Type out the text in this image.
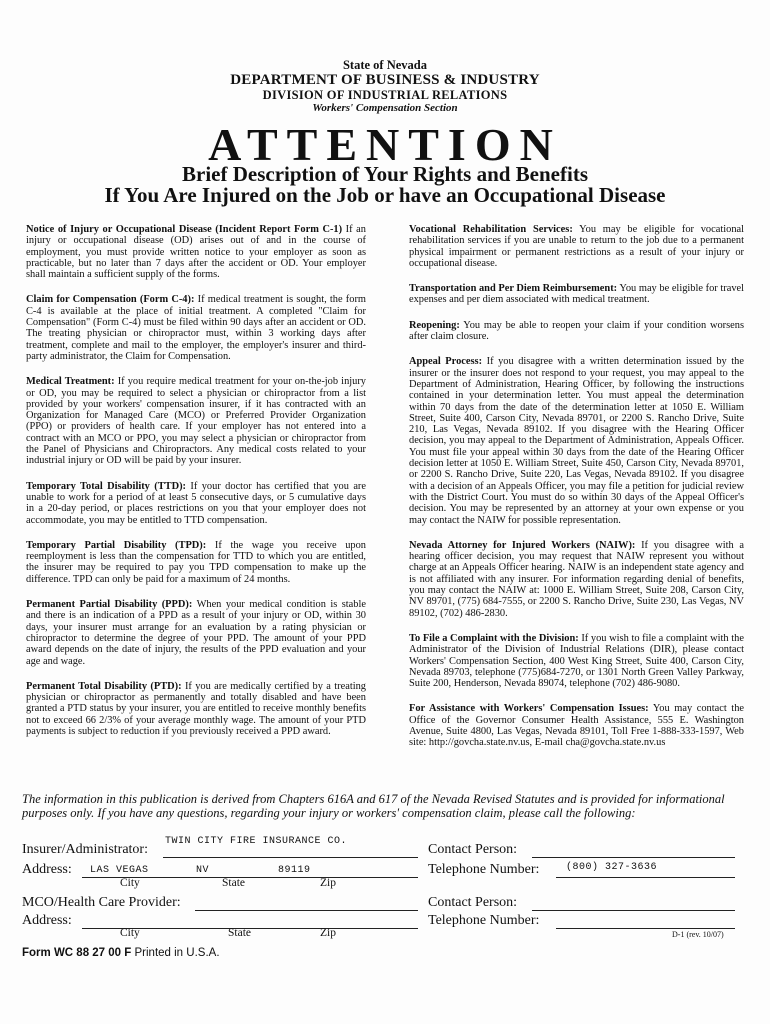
State of Nevada
DEPARTMENT OF BUSINESS & INDUSTRY
DIVISION OF INDUSTRIAL RELATIONS
Workers' Compensation Section
ATTENTION
Brief Description of Your Rights and Benefits
If You Are Injured on the Job or have an Occupational Disease
Notice of Injury or Occupational Disease (Incident Report Form C-1) If an injury or occupational disease (OD) arises out of and in the course of employment, you must provide written notice to your employer as soon as practicable, but no later than 7 days after the accident or OD. Your employer shall maintain a sufficient supply of the forms.
Claim for Compensation (Form C-4): If medical treatment is sought, the form C-4 is available at the place of initial treatment. A completed "Claim for Compensation" (Form C-4) must be filed within 90 days after an accident or OD. The treating physician or chiropractor must, within 3 working days after treatment, complete and mail to the employer, the employer's insurer and third-party administrator, the Claim for Compensation.
Medical Treatment: If you require medical treatment for your on-the-job injury or OD, you may be required to select a physician or chiropractor from a list provided by your workers' compensation insurer, if it has contracted with an Organization for Managed Care (MCO) or Preferred Provider Organization (PPO) or providers of health care. If your employer has not entered into a contract with an MCO or PPO, you may select a physician or chiropractor from the Panel of Physicians and Chiropractors. Any medical costs related to your industrial injury or OD will be paid by your insurer.
Temporary Total Disability (TTD): If your doctor has certified that you are unable to work for a period of at least 5 consecutive days, or 5 cumulative days in a 20-day period, or places restrictions on you that your employer does not accommodate, you may be entitled to TTD compensation.
Temporary Partial Disability (TPD): If the wage you receive upon reemployment is less than the compensation for TTD to which you are entitled, the insurer may be required to pay you TPD compensation to make up the difference. TPD can only be paid for a maximum of 24 months.
Permanent Partial Disability (PPD): When your medical condition is stable and there is an indication of a PPD as a result of your injury or OD, within 30 days, your insurer must arrange for an evaluation by a rating physician or chiropractor to determine the degree of your PPD. The amount of your PPD award depends on the date of injury, the results of the PPD evaluation and your age and wage.
Permanent Total Disability (PTD): If you are medically certified by a treating physician or chiropractor as permanently and totally disabled and have been granted a PTD status by your insurer, you are entitled to receive monthly benefits not to exceed 66 2/3% of your average monthly wage. The amount of your PTD payments is subject to reduction if you previously received a PPD award.
Vocational Rehabilitation Services: You may be eligible for vocational rehabilitation services if you are unable to return to the job due to a permanent physical impairment or permanent restrictions as a result of your injury or occupational disease.
Transportation and Per Diem Reimbursement: You may be eligible for travel expenses and per diem associated with medical treatment.
Reopening: You may be able to reopen your claim if your condition worsens after claim closure.
Appeal Process: If you disagree with a written determination issued by the insurer or the insurer does not respond to your request, you may appeal to the Department of Administration, Hearing Officer, by following the instructions contained in your determination letter. You must appeal the determination within 70 days from the date of the determination letter at 1050 E. William Street, Suite 400, Carson City, Nevada 89701, or 2200 S. Rancho Drive, Suite 210, Las Vegas, Nevada 89102. If you disagree with the Hearing Officer decision, you may appeal to the Department of Administration, Appeals Officer. You must file your appeal within 30 days from the date of the Hearing Officer decision letter at 1050 E. William Street, Suite 450, Carson City, Nevada 89701, or 2200 S. Rancho Drive, Suite 220, Las Vegas, Nevada 89102. If you disagree with a decision of an Appeals Officer, you may file a petition for judicial review with the District Court. You must do so within 30 days of the Appeal Officer's decision. You may be represented by an attorney at your own expense or you may contact the NAIW for possible representation.
Nevada Attorney for Injured Workers (NAIW): If you disagree with a hearing officer decision, you may request that NAIW represent you without charge at an Appeals Officer hearing. NAIW is an independent state agency and is not affiliated with any insurer. For information regarding denial of benefits, you may contact the NAIW at: 1000 E. William Street, Suite 208, Carson City, NV 89701, (775) 684-7555, or 2200 S. Rancho Drive, Suite 230, Las Vegas, NV 89102, (702) 486-2830.
To File a Complaint with the Division: If you wish to file a complaint with the Administrator of the Division of Industrial Relations (DIR), please contact Workers' Compensation Section, 400 West King Street, Suite 400, Carson City, Nevada 89703, telephone (775)684-7270, or 1301 North Green Valley Parkway, Suite 200, Henderson, Nevada 89074, telephone (702) 486-9080.
For Assistance with Workers' Compensation Issues: You may contact the Office of the Governor Consumer Health Assistance, 555 E. Washington Avenue, Suite 4800, Las Vegas, Nevada 89101, Toll Free 1-888-333-1597, Web site: http://govcha.state.nv.us, E-mail cha@govcha.state.nv.us
The information in this publication is derived from Chapters 616A and 617 of the Nevada Revised Statutes and is provided for informational purposes only. If you have any questions, regarding your injury or workers' compensation claim, please call the following:
Insurer/Administrator:
TWIN CITY FIRE INSURANCE CO.
Address: LAS VEGAS	NV	89119
City	State	Zip
Contact Person:
Telephone Number:	(800) 327-3636
MCO/Health Care Provider:
Address:
City	State	Zip
Contact Person:
Telephone Number:
D-1 (rev. 10/07)
Form WC 88 27 00 F Printed in U.S.A.
